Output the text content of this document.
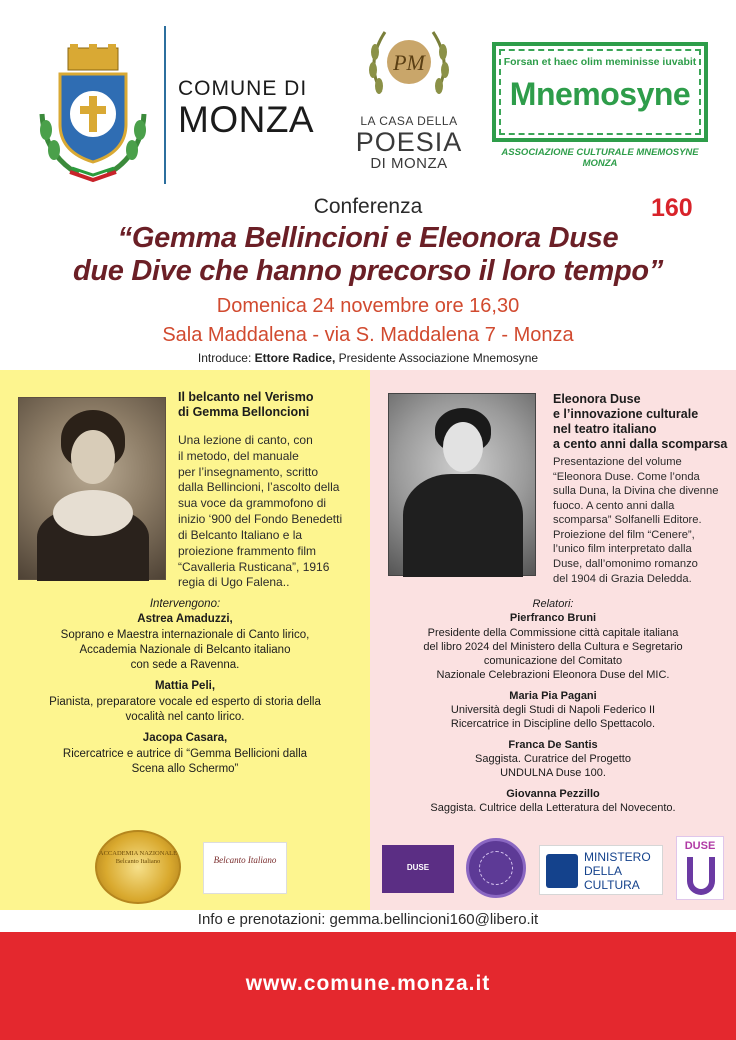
COMUNE DI
MONZA
PM
LA CASA DELLA
POESIA
DI MONZA
Forsan et haec olim meminisse iuvabit
Mnemosyne
ASSOCIAZIONE CULTURALE MNEMOSYNE MONZA
160
Conferenza
“Gemma Bellincioni e Eleonora Duse
due Dive che hanno precorso il loro tempo”
Domenica 24 novembre ore 16,30
Sala Maddalena - via S. Maddalena 7 - Monza
Introduce: Ettore Radice, Presidente Associazione Mnemosyne
Il belcanto nel Verismo
di Gemma Belloncioni
Una lezione di canto, con
il metodo, del manuale
per l’insegnamento, scritto
dalla Bellincioni, l’ascolto della
sua voce da grammofono di
inizio ‘900 del Fondo Benedetti
di Belcanto Italiano e la
proiezione frammento film
“Cavalleria Rusticana”, 1916
regia di Ugo Falena..
Intervengono:
Astrea Amaduzzi,
Soprano e Maestra internazionale di Canto lirico,
Accademia Nazionale di Belcanto italiano
con sede a Ravenna.
Mattia Peli,
Pianista, preparatore vocale ed esperto di storia della
vocalità nel canto lirico.
Jacopa Casara,
Ricercatrice e autrice di “Gemma Bellicioni dalla
Scena allo Schermo”
Eleonora Duse
e l’innovazione culturale
nel teatro italiano
a cento anni dalla scomparsa
Presentazione del volume
“Eleonora Duse. Come l’onda
sulla Duna, la Divina che divenne
fuoco. A cento anni dalla
scomparsa” Solfanelli Editore.
Proiezione del film “Cenere”,
l’unico film interpretato dalla
Duse, dall’omonimo romanzo
del 1904 di Grazia Deledda.
Relatori:
Pierfranco Bruni
Presidente della Commissione città capitale italiana
del libro 2024 del Ministero della Cultura e Segretario
comunicazione del Comitato
Nazionale Celebrazioni Eleonora Duse del MIC.
Maria Pia Pagani
Università degli Studi di Napoli Federico II
Ricercatrice in Discipline dello Spettacolo.
Franca De Santis
Saggista. Curatrice del Progetto
UNDULNA Duse 100.
Giovanna Pezzillo
Saggista. Cultrice della Letteratura del Novecento.
ACCADEMIA NAZIONALE Belcanto Italiano	Belcanto Italiano
DUSE
MINISTERO
DELLA
CULTURA
DUSE
Info e prenotazioni: gemma.bellincioni160@libero.it
www.comune.monza.it
